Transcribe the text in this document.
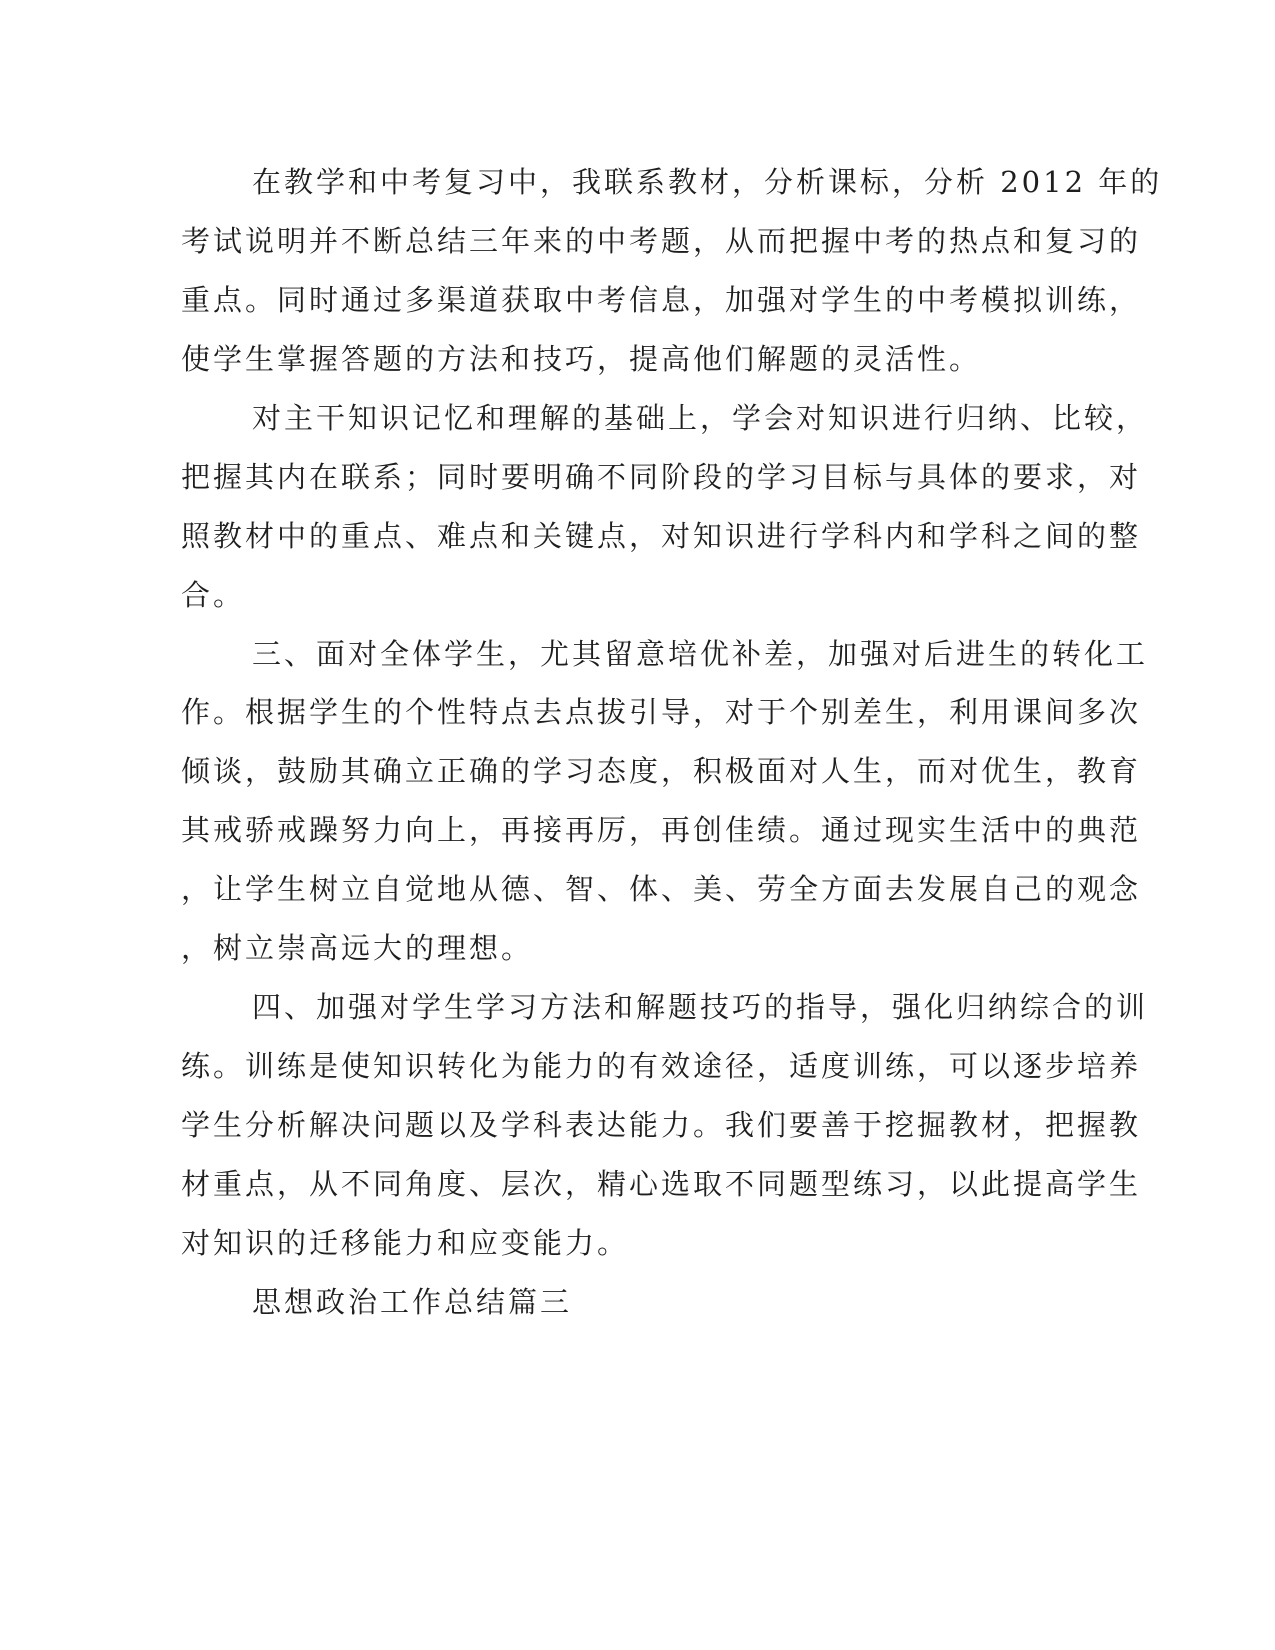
在教学和中考复习中，我联系教材，分析课标，分析 2012 年的

考试说明并不断总结三年来的中考题，从而把握中考的热点和复习的

重点。同时通过多渠道获取中考信息，加强对学生的中考模拟训练，

使学生掌握答题的方法和技巧，提高他们解题的灵活性。

对主干知识记忆和理解的基础上，学会对知识进行归纳、比较，

把握其内在联系；同时要明确不同阶段的学习目标与具体的要求，对

照教材中的重点、难点和关键点，对知识进行学科内和学科之间的整

合。

三、面对全体学生，尤其留意培优补差，加强对后进生的转化工

作。根据学生的个性特点去点拔引导，对于个别差生，利用课间多次

倾谈，鼓励其确立正确的学习态度，积极面对人生，而对优生，教育

其戒骄戒躁努力向上，再接再厉，再创佳绩。通过现实生活中的典范

，让学生树立自觉地从德、智、体、美、劳全方面去发展自己的观念

，树立崇高远大的理想。

四、加强对学生学习方法和解题技巧的指导，强化归纳综合的训

练。训练是使知识转化为能力的有效途径，适度训练，可以逐步培养

学生分析解决问题以及学科表达能力。我们要善于挖掘教材，把握教

材重点，从不同角度、层次，精心选取不同题型练习，以此提高学生

对知识的迁移能力和应变能力。

思想政治工作总结篇三
